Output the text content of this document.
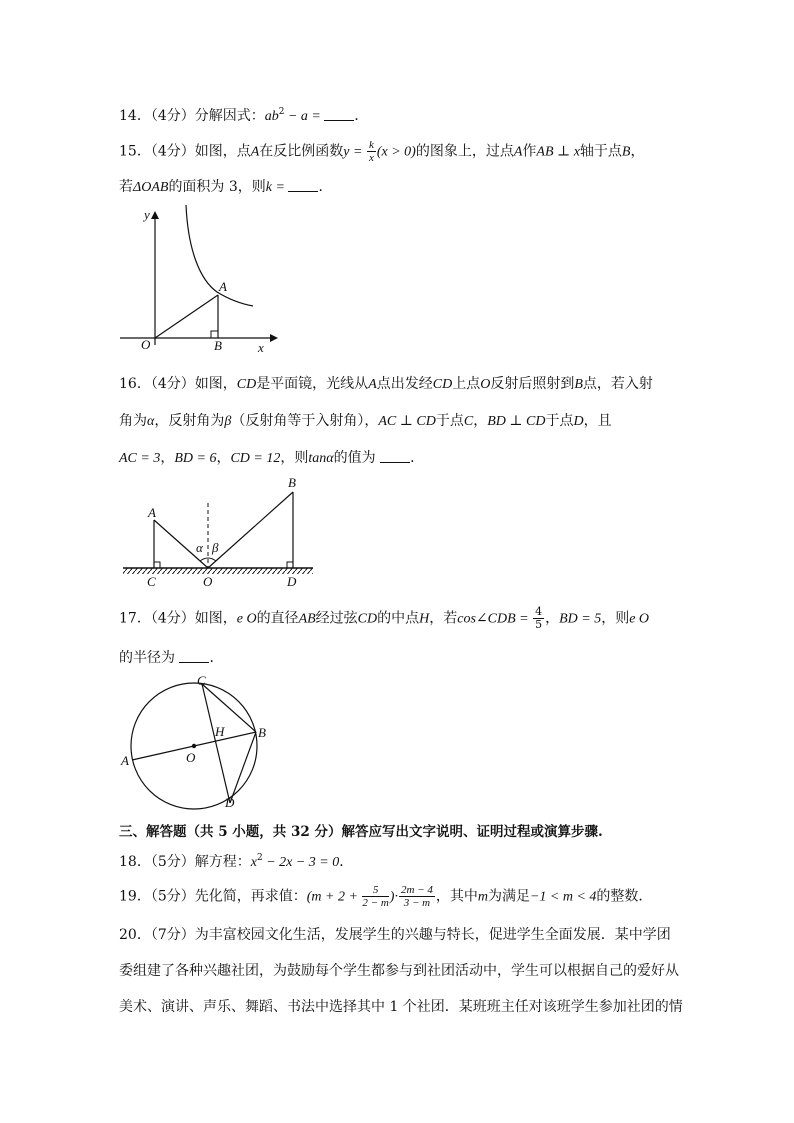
14．（4分）分解因式：$ab^2 - a$ = ．
15．（4分）如图，点A在反比例函数$y = \frac{k}{x} (x > 0)$的图象上，过点A作AB ⊥ x轴于点B，
若ΔOAB的面积为 3，则k = ．
y
x
O
A
B
16．（4分）如图，CD是平面镜，光线从A点出发经CD上点O反射后照射到B点，若入射
角为α，反射角为β（反射角等于入射角），AC ⊥ CD于点C，BD ⊥ CD于点D，且
AC = 3，BD = 6，CD = 12，则tanα的值为 ．
A
B
C	O	D
α β
17．（4分）如图，e O的直径AB经过弦CD的中点H，若cos∠CDB = $\frac{4}{5}$ ，BD = 5，则e O
的半径为 ．
C
H	B
A	O
D
三、解答题（共 5 小题，共 32 分）解答应写出文字说明、证明过程或演算步骤.
18．（5分）解方程：$x^2 - 2x - 3 = 0$．
19．（5分）先化简，再求值：($m + 2 + \frac{5}{2 - m}$ )· $\frac{2m - 4}{3 - m}$ ，其中m为满足−1 < m < 4的整数．
20．（7分）为丰富校园文化生活，发展学生的兴趣与特长，促进学生全面发展．某中学团
委组建了各种兴趣社团，为鼓励每个学生都参与到社团活动中，学生可以根据自己的爱好从
美术、演讲、声乐、舞蹈、书法中选择其中 1 个社团．某班班主任对该班学生参加社团的情
